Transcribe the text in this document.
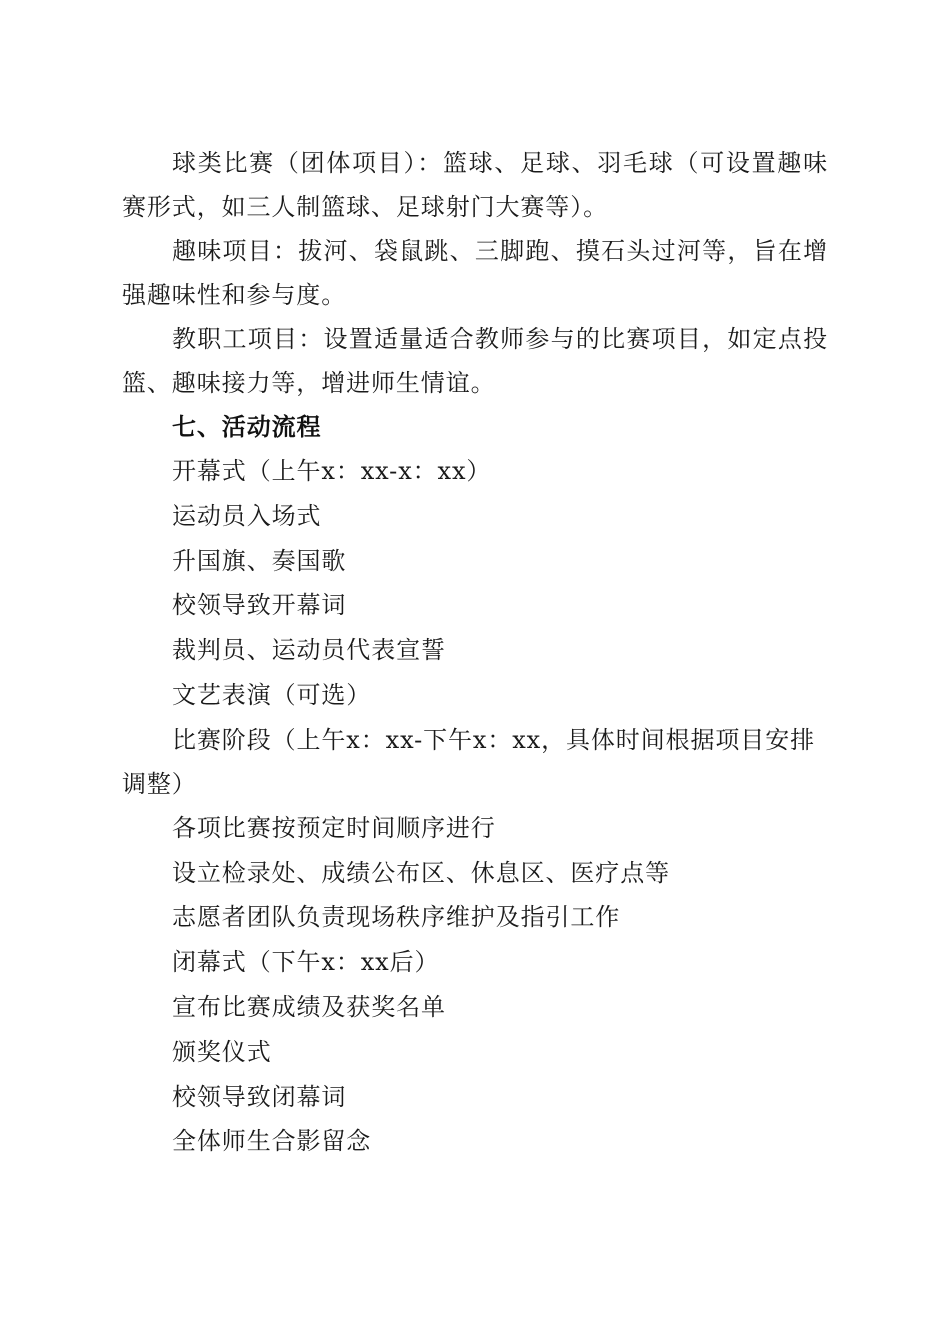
球类比赛（团体项目）：篮球、足球、羽毛球（可设置趣味赛形式，如三人制篮球、足球射门大赛等）。

趣味项目：拔河、袋鼠跳、三脚跑、摸石头过河等，旨在增强趣味性和参与度。

教职工项目：设置适量适合教师参与的比赛项目，如定点投篮、趣味接力等，增进师生情谊。

七、活动流程

开幕式（上午x：xx-x：xx）

运动员入场式

升国旗、奏国歌

校领导致开幕词

裁判员、运动员代表宣誓

文艺表演（可选）

比赛阶段（上午x：xx-下午x：xx，具体时间根据项目安排调整）

各项比赛按预定时间顺序进行

设立检录处、成绩公布区、休息区、医疗点等

志愿者团队负责现场秩序维护及指引工作

闭幕式（下午x：xx后）

宣布比赛成绩及获奖名单

颁奖仪式

校领导致闭幕词

全体师生合影留念
